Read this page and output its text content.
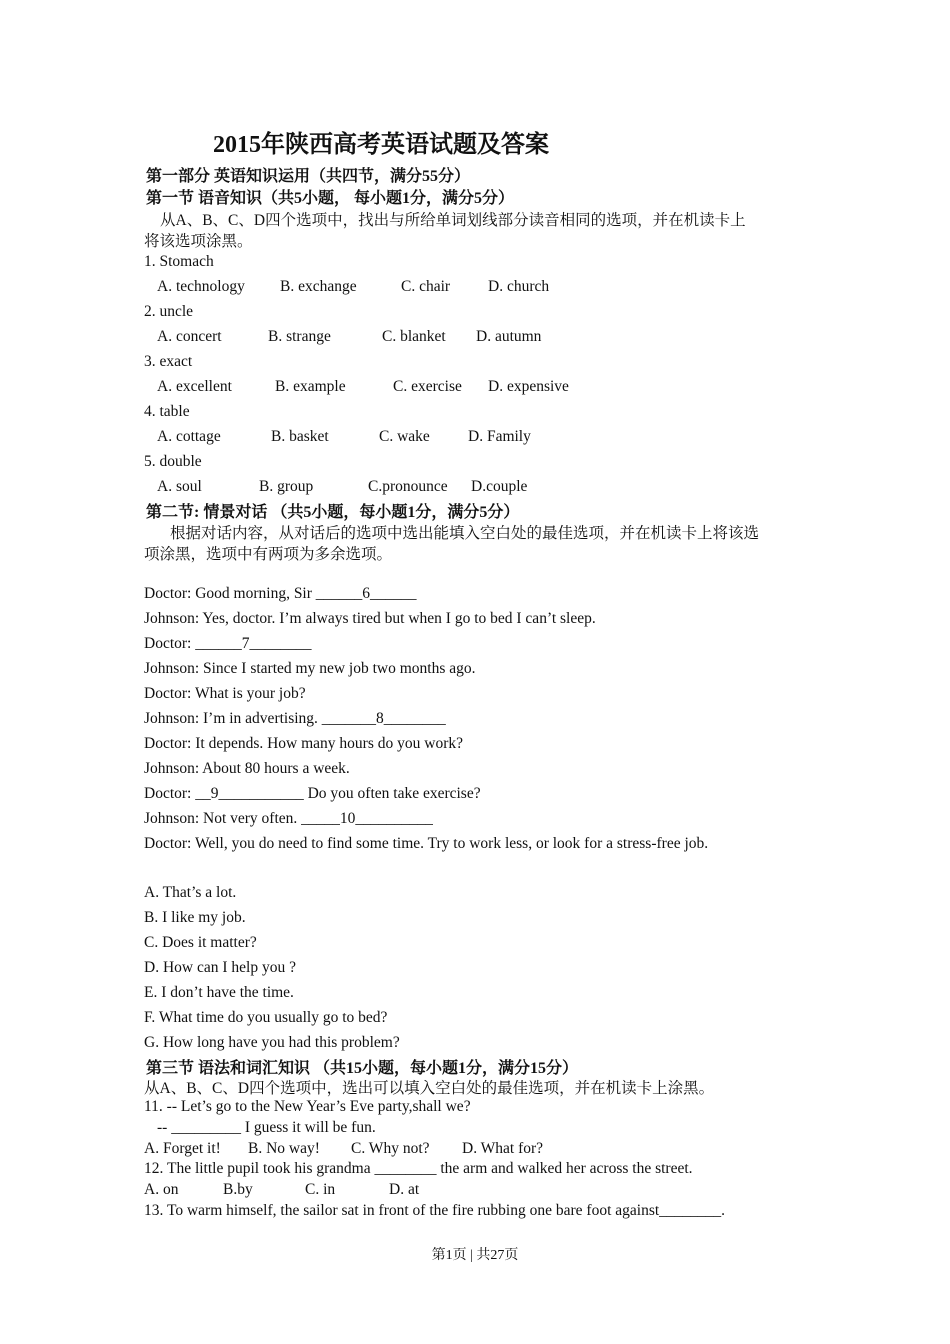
2015年陕西高考英语试题及答案
第一部分 英语知识运用（共四节，满分55分）
第一节 语音知识（共5小题， 每小题1分，满分5分）
从A、B、C、D四个选项中，找出与所给单词划线部分读音相同的选项，并在机读卡上
将该选项涂黑。
1. Stomach
A. technology B. exchange	C. chair D. church
2. uncle
A. concert	B. strange	C. blanket D. autumn
3. exact
A. excellent	B. example	C. exercise D. expensive
4. table
A. cottage	B. basket	C. wake D. Family
5. double
A. soul	B. group	C.pronounce D.couple
第二节: 情景对话 （共5小题，每小题1分，满分5分）
根据对话内容，从对话后的选项中选出能填入空白处的最佳选项，并在机读卡上将该选
项涂黑，选项中有两项为多余选项。
Doctor: Good morning, Sir ______6______
Johnson: Yes, doctor. I’m always tired but when I go to bed I can’t sleep.
Doctor: ______7________
Johnson: Since I started my new job two months ago.
Doctor: What is your job?
Johnson: I’m in advertising. _______8________
Doctor: It depends. How many hours do you work?
Johnson: About 80 hours a week.
Doctor: __9___________ Do you often take exercise?
Johnson: Not very often. _____10__________
Doctor: Well, you do need to find some time. Try to work less, or look for a stress-free job.
A. That’s a lot.
B. I like my job.
C. Does it matter?
D. How can I help you ?
E. I don’t have the time.
F. What time do you usually go to bed?
G. How long have you had this problem?
第三节 语法和词汇知识 （共15小题，每小题1分，满分15分）
从A、B、C、D四个选项中，选出可以填入空白处的最佳选项，并在机读卡上涂黑。
11. -- Let’s go to the New Year’s Eve party,shall we?
-- _________ I guess it will be fun.
A. Forget it! B. No way! C. Why not? D. What for?
12. The little pupil took his grandma ________ the arm and walked her across the street.
A. on	B.by	C. in	D. at
13. To warm himself, the sailor sat in front of the fire rubbing one bare foot against________.
第1页 | 共27页
